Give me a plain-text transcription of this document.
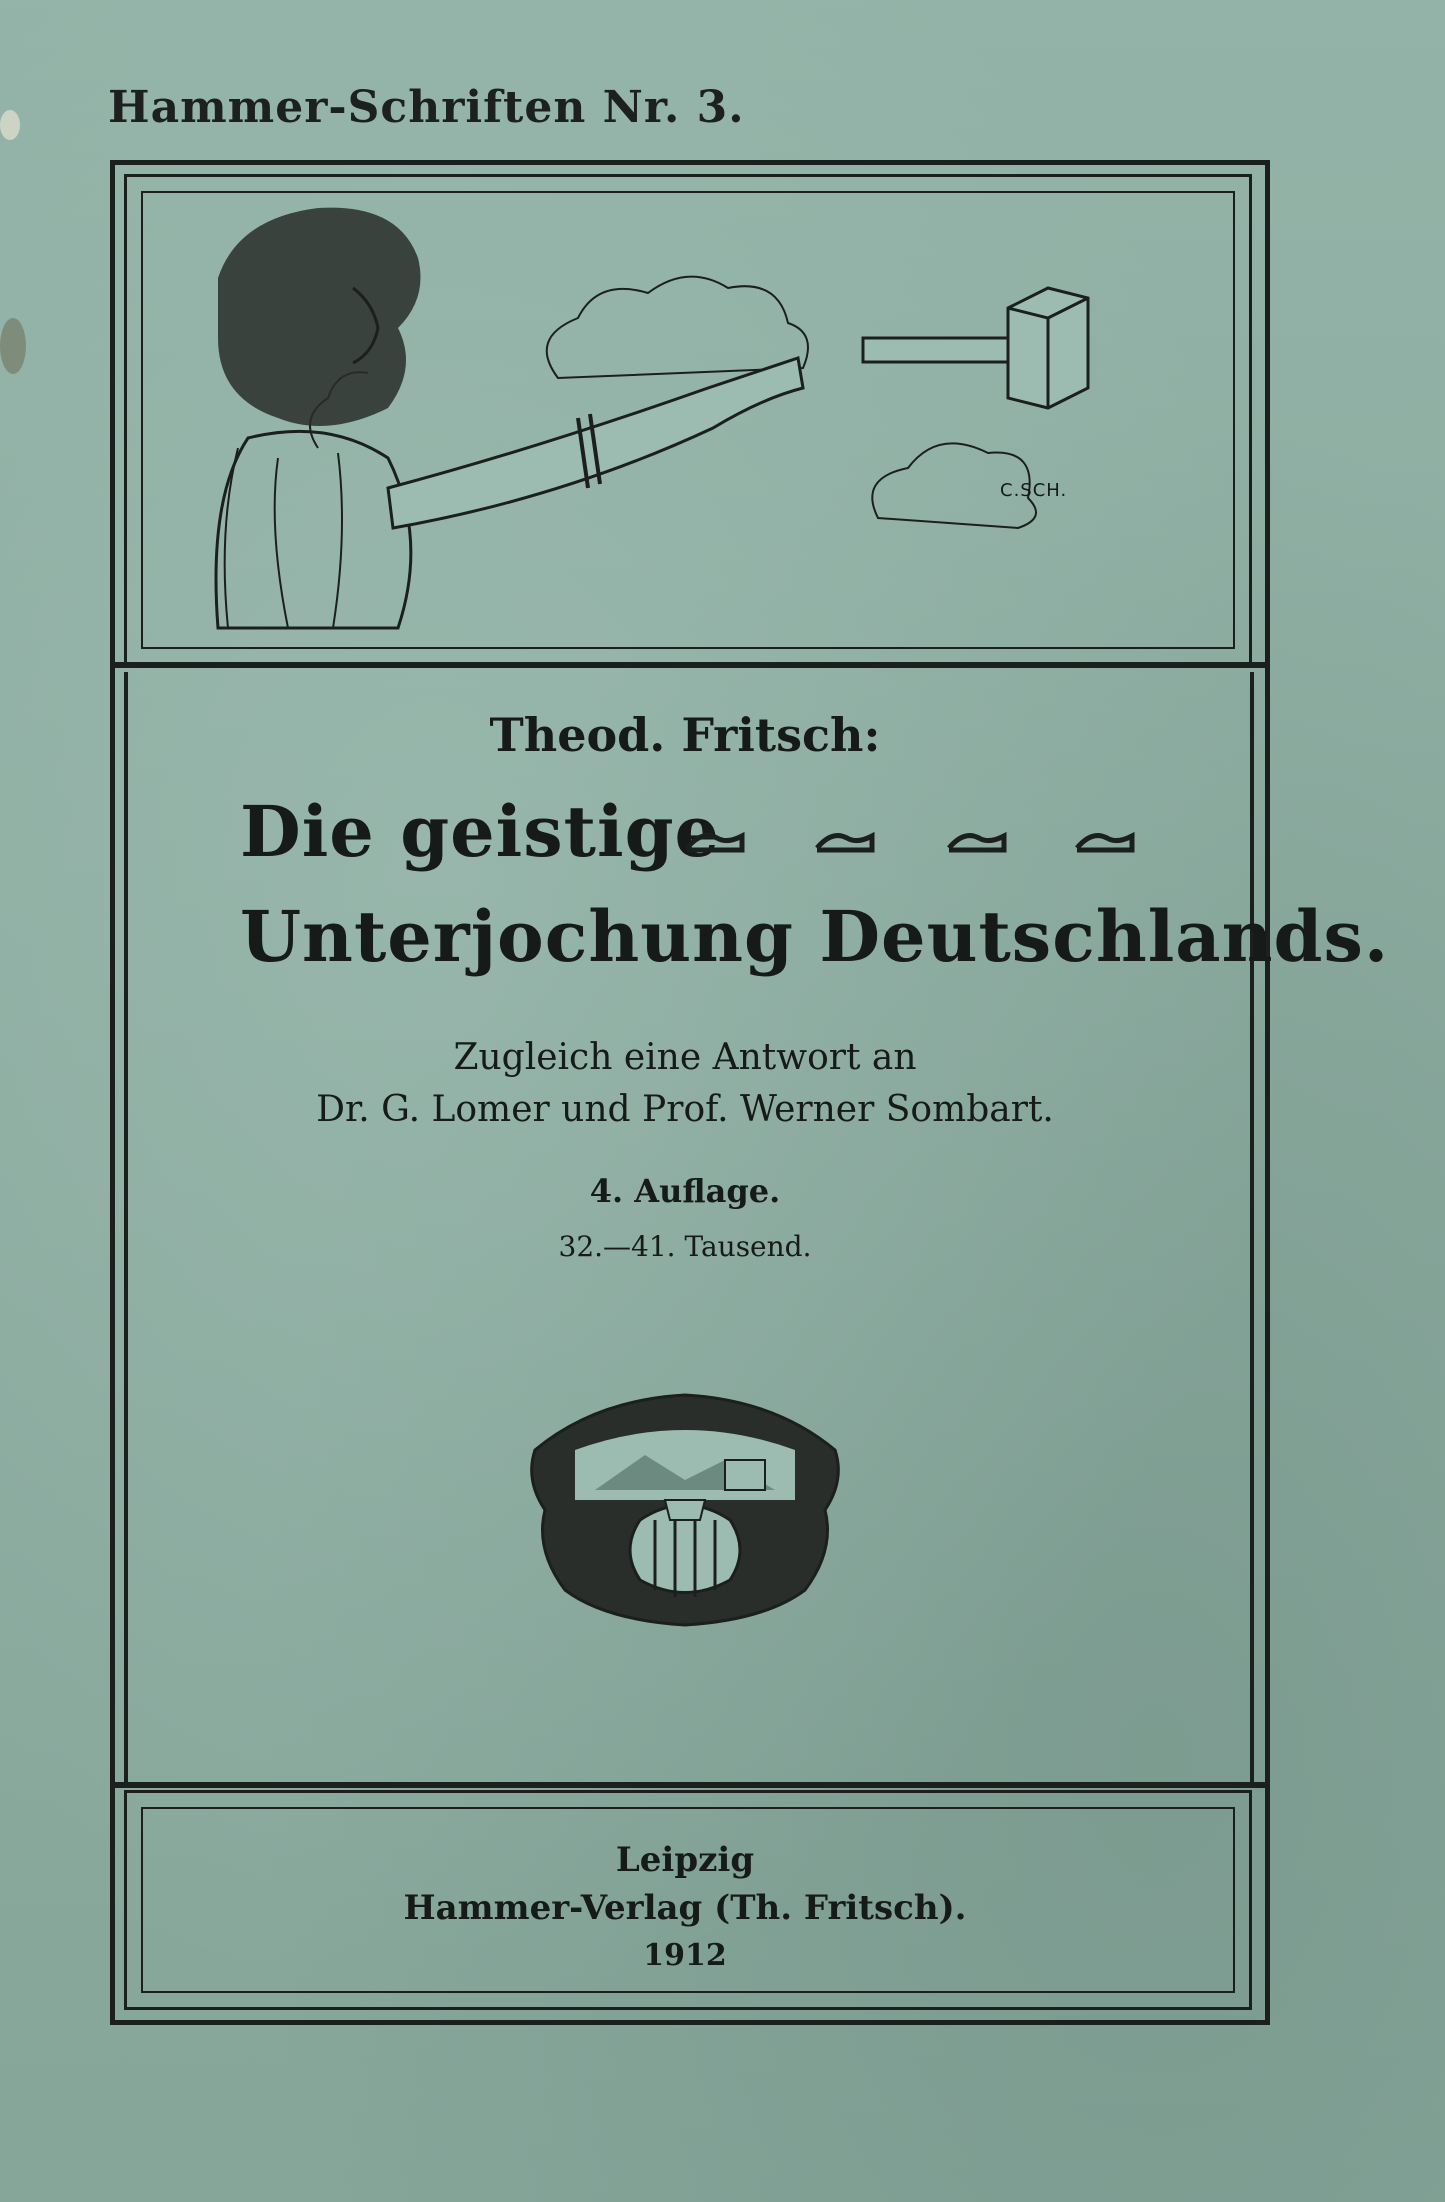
Hammer-Schriften Nr. 3.
C.SCH.
Theod. Fritsch:
Die geistige
Unterjochung Deutschlands.
Zugleich eine Antwort an
Dr. G. Lomer und Prof. Werner Sombart.
4. Auflage.
32.—41. Tausend.
Leipzig
Hammer-Verlag (Th. Fritsch).
1912
